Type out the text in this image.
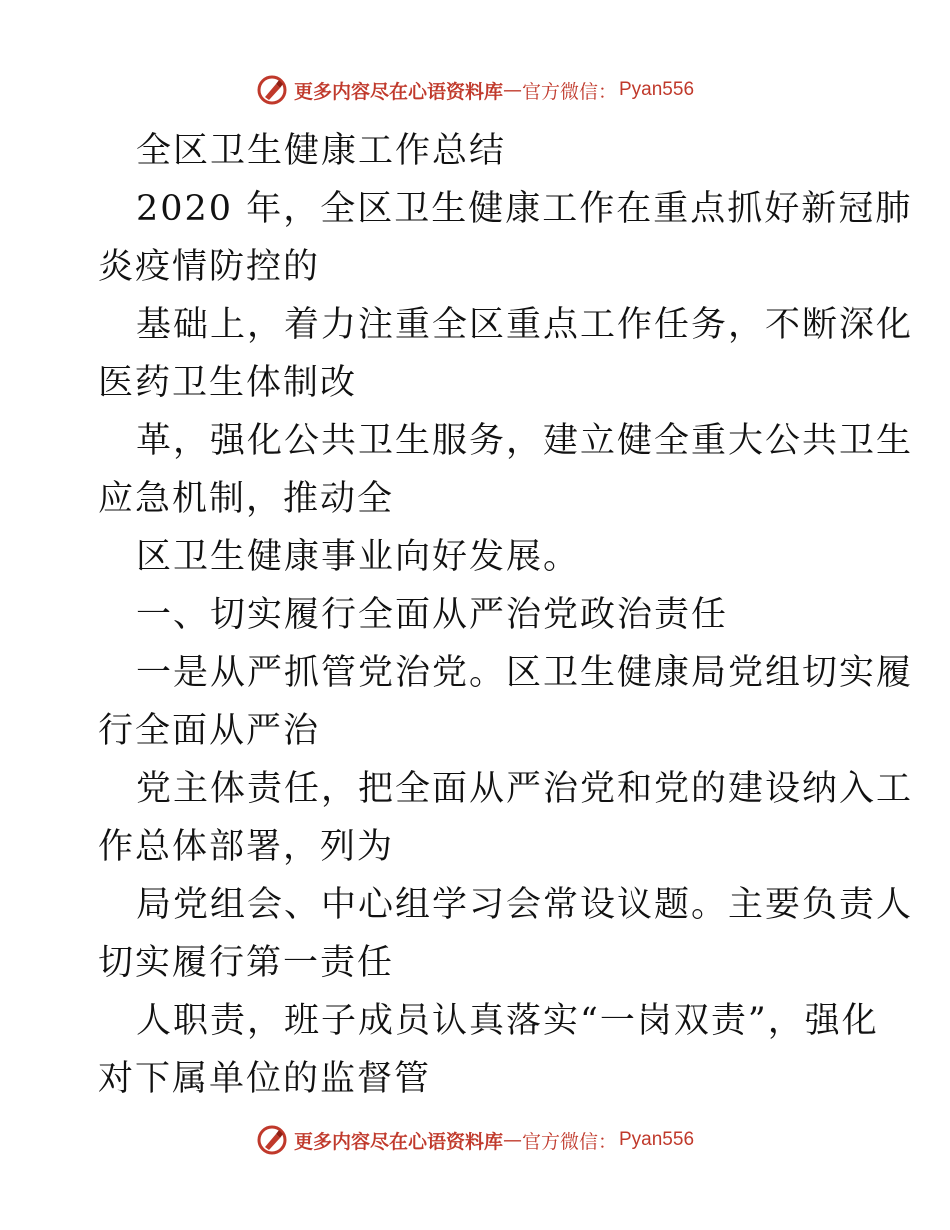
更多内容尽在心语资料库 — 官方微信： Pyan556
全区卫生健康工作总结
2020 年，全区卫生健康工作在重点抓好新冠肺
炎疫情防控的
基础上，着力注重全区重点工作任务，不断深化
医药卫生体制改
革，强化公共卫生服务，建立健全重大公共卫生
应急机制，推动全
区卫生健康事业向好发展。
一、切实履行全面从严治党政治责任
一是从严抓管党治党。区卫生健康局党组切实履
行全面从严治
党主体责任，把全面从严治党和党的建设纳入工
作总体部署，列为
局党组会、中心组学习会常设议题。主要负责人
切实履行第一责任
人职责，班子成员认真落实“一岗双责”，强化
对下属单位的监督管
更多内容尽在心语资料库 — 官方微信： Pyan556
